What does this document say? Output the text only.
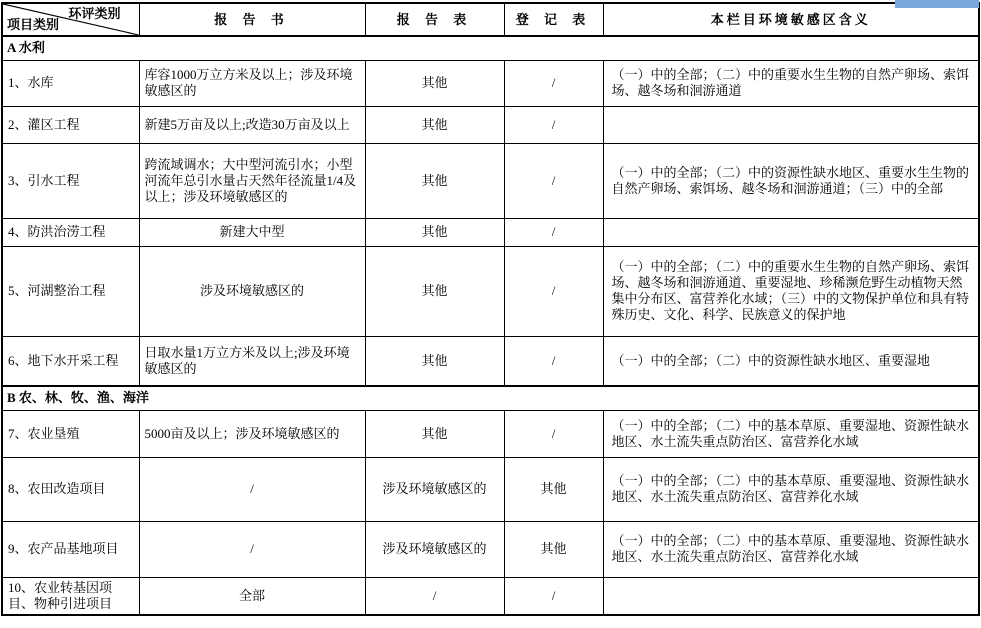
环评类别
项目类别	报 告 书	报 告 表	登 记 表	本栏目环境敏感区含义
A 水利				
1、水库	库容1000万立方米及以上；涉及环境敏感区的	其他	/	（一）中的全部；（二）中的重要水生生物的自然产卵场、索饵场、越冬场和洄游通道
2、灌区工程	新建5万亩及以上;改造30万亩及以上	其他	/	
3、引水工程	跨流域调水；大中型河流引水；小型河流年总引水量占天然年径流量1/4及以上；涉及环境敏感区的	其他	/	（一）中的全部；（二）中的资源性缺水地区、重要水生生物的自然产卵场、索饵场、越冬场和洄游通道；（三）中的全部
4、防洪治涝工程	新建大中型	其他	/	
5、河湖整治工程	涉及环境敏感区的	其他	/	（一）中的全部；（二）中的重要水生生物的自然产卵场、索饵场、越冬场和洄游通道、重要湿地、珍稀濒危野生动植物天然集中分布区、富营养化水域；（三）中的文物保护单位和具有特殊历史、文化、科学、民族意义的保护地
6、地下水开采工程	日取水量1万立方米及以上;涉及环境敏感区的	其他	/	（一）中的全部；（二）中的资源性缺水地区、重要湿地
B 农、林、牧、渔、海洋				
7、农业垦殖	5000亩及以上；涉及环境敏感区的	其他	/	（一）中的全部；（二）中的基本草原、重要湿地、资源性缺水地区、水土流失重点防治区、富营养化水域
8、农田改造项目	/	涉及环境敏感区的	其他	（一）中的全部；（二）中的基本草原、重要湿地、资源性缺水地区、水土流失重点防治区、富营养化水域
9、农产品基地项目	/	涉及环境敏感区的	其他	（一）中的全部；（二）中的基本草原、重要湿地、资源性缺水地区、水土流失重点防治区、富营养化水域
10、农业转基因项目、物种引进项目	全部	/	/	
